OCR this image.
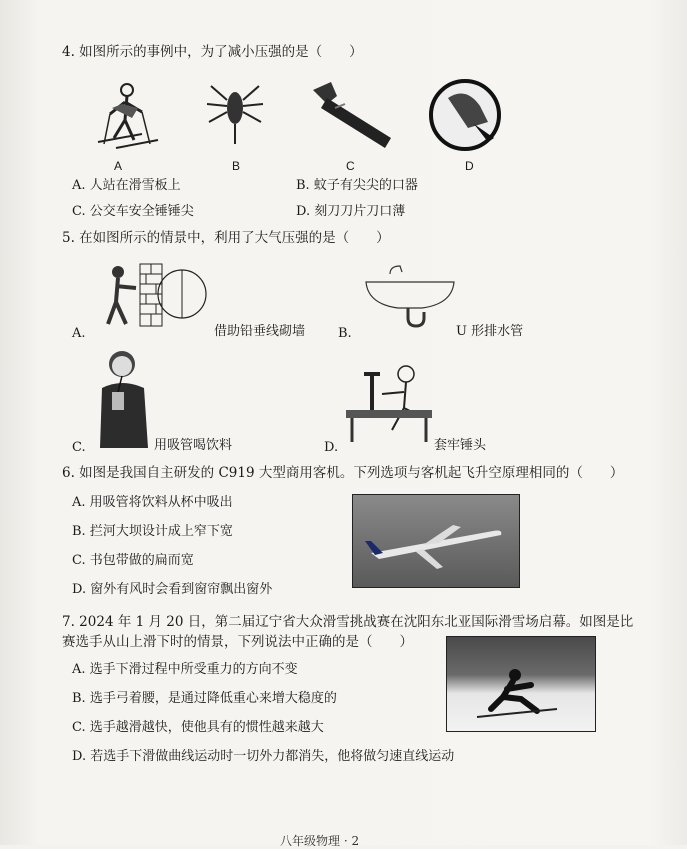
4. 如图所示的事例中，为了减小压强的是（　　）
A	B	C	D
A. 人站在滑雪板上	B. 蚊子有尖尖的口器
C. 公交车安全锤锤尖	D. 刻刀刀片刀口薄
5. 在如图所示的情景中，利用了大气压强的是（　　）
A.	借助铅垂线砌墙	B.	U 形排水管
C.	用吸管喝饮料	D.	套牢锤头
6. 如图是我国自主研发的 C919 大型商用客机。下列选项与客机起飞升空原理相同的（　　）
A. 用吸管将饮料从杯中吸出
B. 拦河大坝设计成上窄下宽
C. 书包带做的扁而宽
D. 窗外有风时会看到窗帘飘出窗外
7. 2024 年 1 月 20 日，第二届辽宁省大众滑雪挑战赛在沈阳东北亚国际滑雪场启幕。如图是比
赛选手从山上滑下时的情景，下列说法中正确的是（　　）
A. 选手下滑过程中所受重力的方向不变
B. 选手弓着腰，是通过降低重心来增大稳度的
C. 选手越滑越快，使他具有的惯性越来越大
D. 若选手下滑做曲线运动时一切外力都消失，他将做匀速直线运动
八年级物理 · 2
